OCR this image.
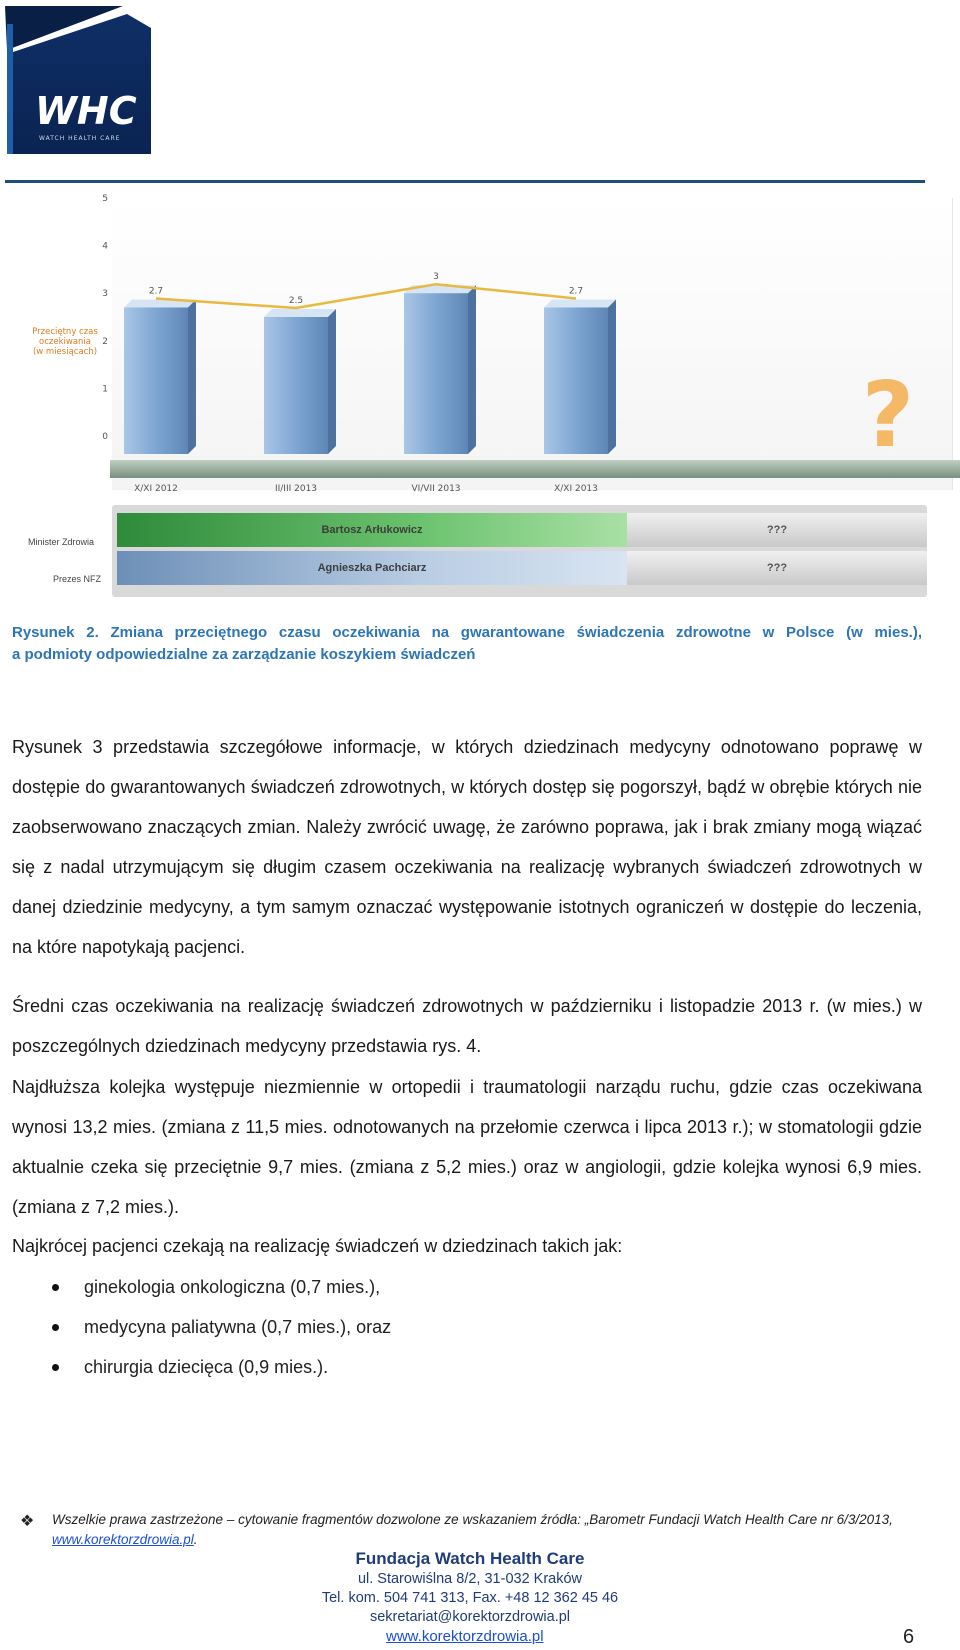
WHC
WATCH HEALTH CARE
0
1
2
3
4
5
Przeciętny czas
oczekiwania
(w miesiącach)
2.7
2.5
3
2.7
X/XI 2012	II/III 2013	VI/VII 2013	X/XI 2013
?
Minister Zdrowia
Prezes NFZ
Bartosz Arłukowicz	???
Agnieszka Pachciarz	???
Rysunek 2. Zmiana przeciętnego czasu oczekiwania na gwarantowane świadczenia zdrowotne w Polsce (w mies.),
a podmioty odpowiedzialne za zarządzanie koszykiem świadczeń
Rysunek 3 przedstawia szczegółowe informacje, w których dziedzinach medycyny odnotowano poprawę w dostępie do gwarantowanych świadczeń zdrowotnych, w których dostęp się pogorszył, bądź w obrębie których nie zaobserwowano znaczących zmian. Należy zwrócić uwagę, że zarówno poprawa, jak i brak zmiany mogą wiązać się z nadal utrzymującym się długim czasem oczekiwania na realizację wybranych świadczeń zdrowotnych w danej dziedzinie medycyny, a tym samym oznaczać występowanie istotnych ograniczeń w dostępie do leczenia, na które napotykają pacjenci.
Średni czas oczekiwania na realizację świadczeń zdrowotnych w październiku i listopadzie 2013 r. (w mies.) w poszczególnych dziedzinach medycyny przedstawia rys. 4.
Najdłuższa kolejka występuje niezmiennie w ortopedii i traumatologii narządu ruchu, gdzie czas oczekiwana wynosi 13,2 mies. (zmiana z 11,5 mies. odnotowanych na przełomie czerwca i lipca 2013 r.); w stomatologii gdzie aktualnie czeka się przeciętnie 9,7 mies. (zmiana z 5,2 mies.) oraz w angiologii, gdzie kolejka wynosi 6,9 mies. (zmiana z 7,2 mies.).
Najkrócej pacjenci czekają na realizację świadczeń w dziedzinach takich jak:
ginekologia onkologiczna (0,7 mies.),
medycyna paliatywna (0,7 mies.), oraz
chirurgia dziecięca (0,9 mies.).
❖ Wszelkie prawa zastrzeżone – cytowanie fragmentów dozwolone ze wskazaniem źródła: „Barometr Fundacji Watch Health Care nr 6/3/2013, www.korektorzdrowia.pl.
Fundacja Watch Health Care
ul. Starowiślna 8/2, 31-032 Kraków
Tel. kom. 504 741 313, Fax. +48 12 362 45 46
sekretariat@korektorzdrowia.pl
www.korektorzdrowia.pl	6
